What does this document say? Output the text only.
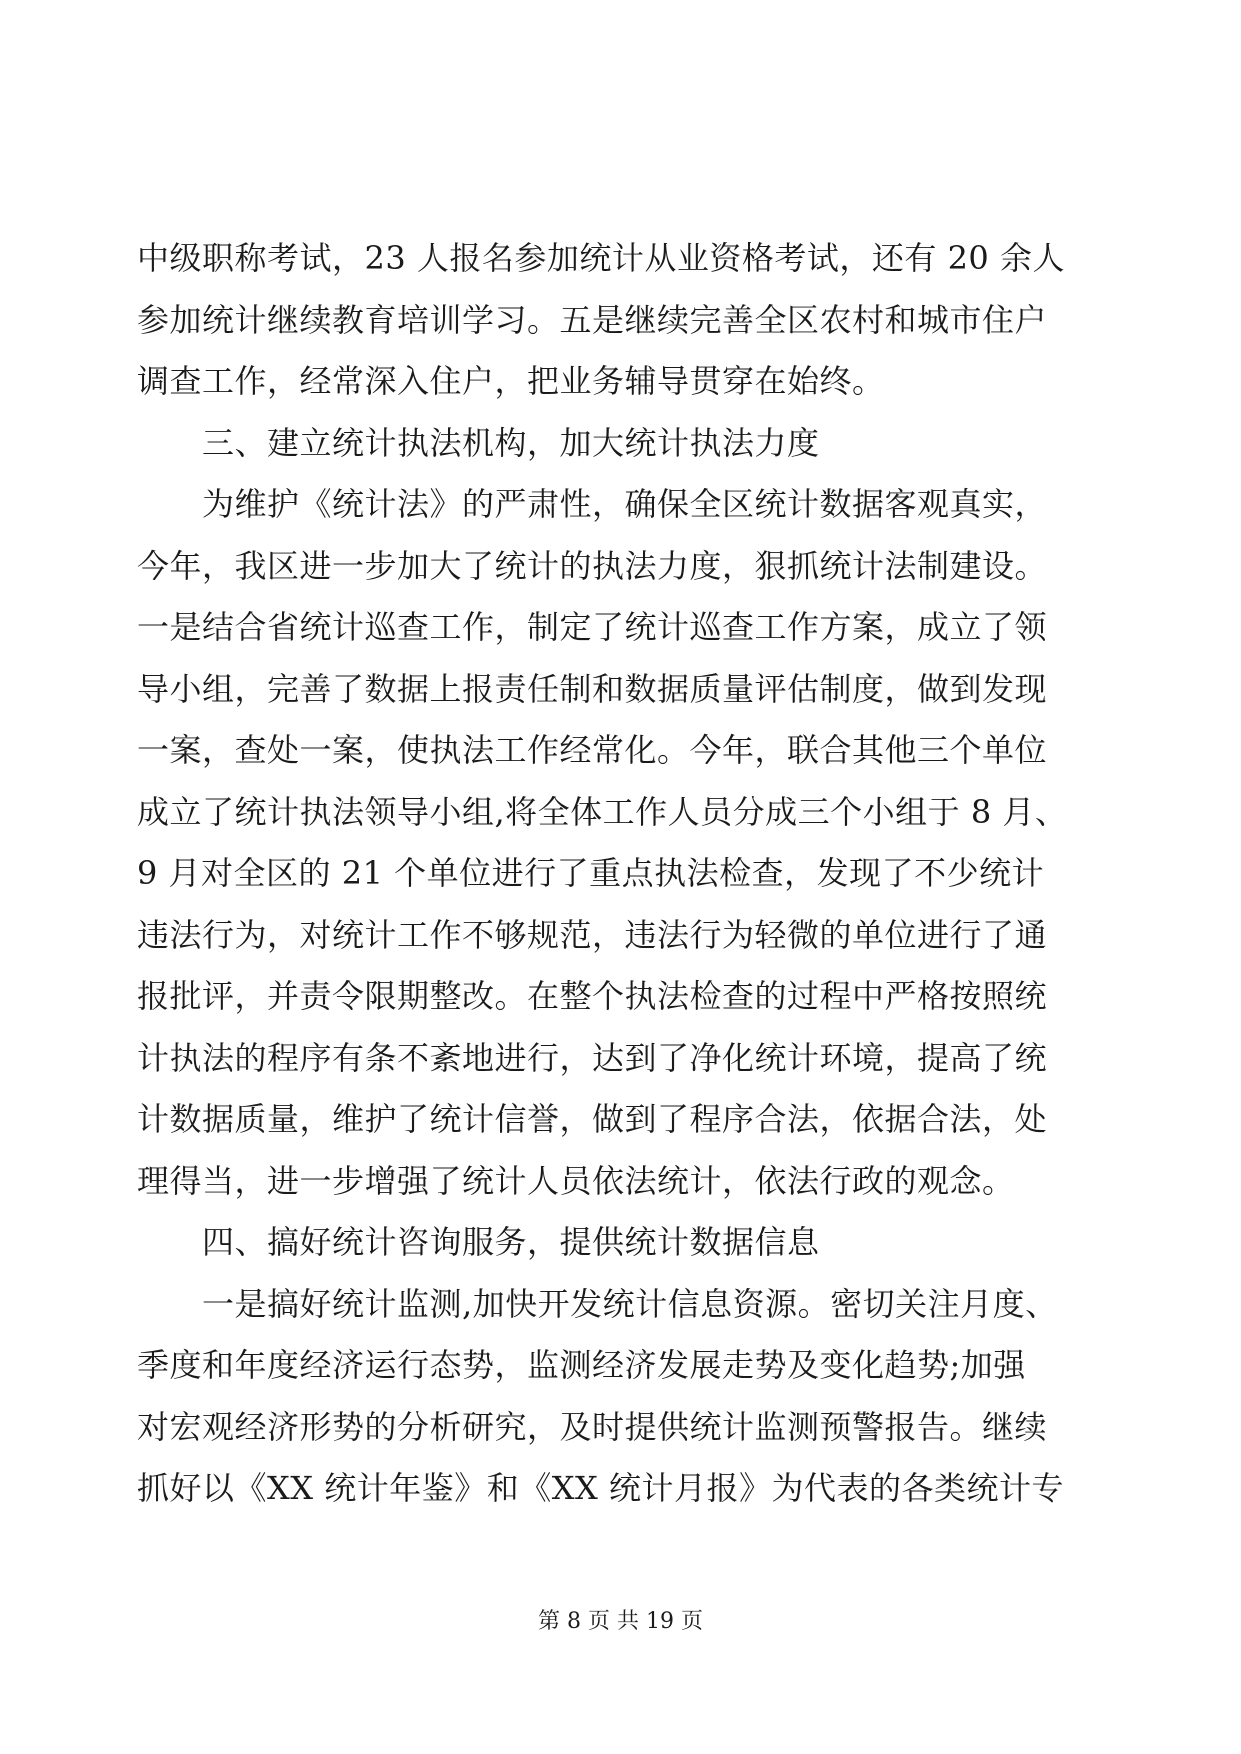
中级职称考试，23 人报名参加统计从业资格考试，还有 20 余人
参加统计继续教育培训学习。五是继续完善全区农村和城市住户
调查工作，经常深入住户，把业务辅导贯穿在始终。
　　三、建立统计执法机构，加大统计执法力度
　　为维护《统计法》的严肃性，确保全区统计数据客观真实，
今年，我区进一步加大了统计的执法力度，狠抓统计法制建设。
一是结合省统计巡查工作，制定了统计巡查工作方案，成立了领
导小组，完善了数据上报责任制和数据质量评估制度，做到发现
一案，查处一案，使执法工作经常化。今年，联合其他三个单位
成立了统计执法领导小组,将全体工作人员分成三个小组于 8 月、
9 月对全区的 21 个单位进行了重点执法检查，发现了不少统计
违法行为，对统计工作不够规范，违法行为轻微的单位进行了通
报批评，并责令限期整改。在整个执法检查的过程中严格按照统
计执法的程序有条不紊地进行，达到了净化统计环境，提高了统
计数据质量，维护了统计信誉，做到了程序合法，依据合法，处
理得当，进一步增强了统计人员依法统计，依法行政的观念。
　　四、搞好统计咨询服务，提供统计数据信息
　　一是搞好统计监测,加快开发统计信息资源。密切关注月度、
季度和年度经济运行态势，监测经济发展走势及变化趋势;加强
对宏观经济形势的分析研究，及时提供统计监测预警报告。继续
抓好以《XX 统计年鉴》和《XX 统计月报》为代表的各类统计专
第 8 页 共 19 页
